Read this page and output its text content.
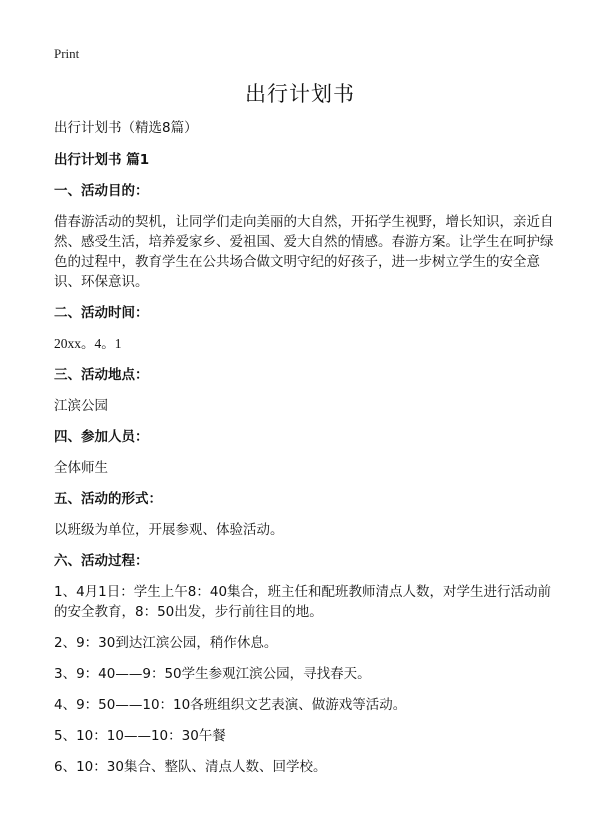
Print
出行计划书

出行计划书（精选8篇）

出行计划书 篇1

一、活动目的：

借春游活动的契机，让同学们走向美丽的大自然，开拓学生视野，增长知识，亲近自然、感受生活，培养爱家乡、爱祖国、爱大自然的情感。春游方案。让学生在呵护绿色的过程中，教育学生在公共场合做文明守纪的好孩子，进一步树立学生的安全意识、环保意识。

二、活动时间：

20xx。4。1

三、活动地点：

江滨公园

四、参加人员：

全体师生

五、活动的形式：

以班级为单位，开展参观、体验活动。

六、活动过程：

1、4月1日：学生上午8：40集合，班主任和配班教师清点人数，对学生进行活动前的安全教育，8：50出发，步行前往目的地。

2、9：30到达江滨公园，稍作休息。

3、9：40——9：50学生参观江滨公园，寻找春天。

4、9：50——10：10各班组织文艺表演、做游戏等活动。

5、10：10——10：30午餐

6、10：30集合、整队、清点人数、回学校。
